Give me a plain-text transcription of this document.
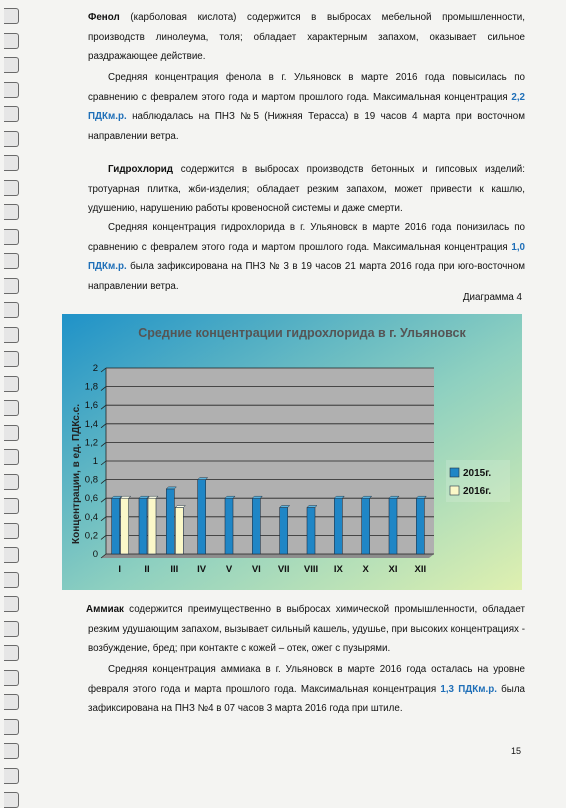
Фенол (карболовая кислота) содержится в выбросах мебельной промышленности, производств линолеума, толя; обладает характерным запахом, оказывает сильное раздражающее действие.
Средняя концентрация фенола в г. Ульяновск в марте 2016 года повысилась по сравнению с февралем этого года и мартом прошлого года. Максимальная концентрация 2,2 ПДКм.р. наблюдалась на ПНЗ №5 (Нижняя Терасса) в 19 часов 4 марта при восточном направлении ветра.
Гидрохлорид содержится в выбросах производств бетонных и гипсовых изделий: тротуарная плитка, жби-изделия; обладает резким запахом, может привести к кашлю, удушению, нарушению работы кровеносной системы и даже смерти.
Средняя концентрация гидрохлорида в г. Ульяновск в марте 2016 года понизилась по сравнению с февралем этого года и мартом прошлого года. Максимальная концентрация 1,0 ПДКм.р. была зафиксирована на ПНЗ № 3 в 19 часов 21 марта 2016 года при юго-восточном направлении ветра.
Диаграмма 4
Средние концентрации гидрохлорида в г. Ульяновск
Концентрации, в ед. ПДКс.с.
0
0,2
0,4
0,6
0,8
1
1,2
1,4
1,6
1,8
2
I II III IV V VI VII VIII IX X XI XII
2015г.
2016г.
Аммиак содержится преимущественно в выбросах химической промышленности, обладает резким удушающим запахом, вызывает сильный кашель, удушье, при высоких концентрациях - возбуждение, бред; при контакте с кожей – отек, ожег с пузырями.
Средняя концентрация аммиака в г. Ульяновск в марте 2016 года осталась на уровне февраля этого года и марта прошлого года. Максимальная концентрация 1,3 ПДКм.р. была зафиксирована на ПНЗ №4 в 07 часов 3 марта 2016 года при штиле.
15
